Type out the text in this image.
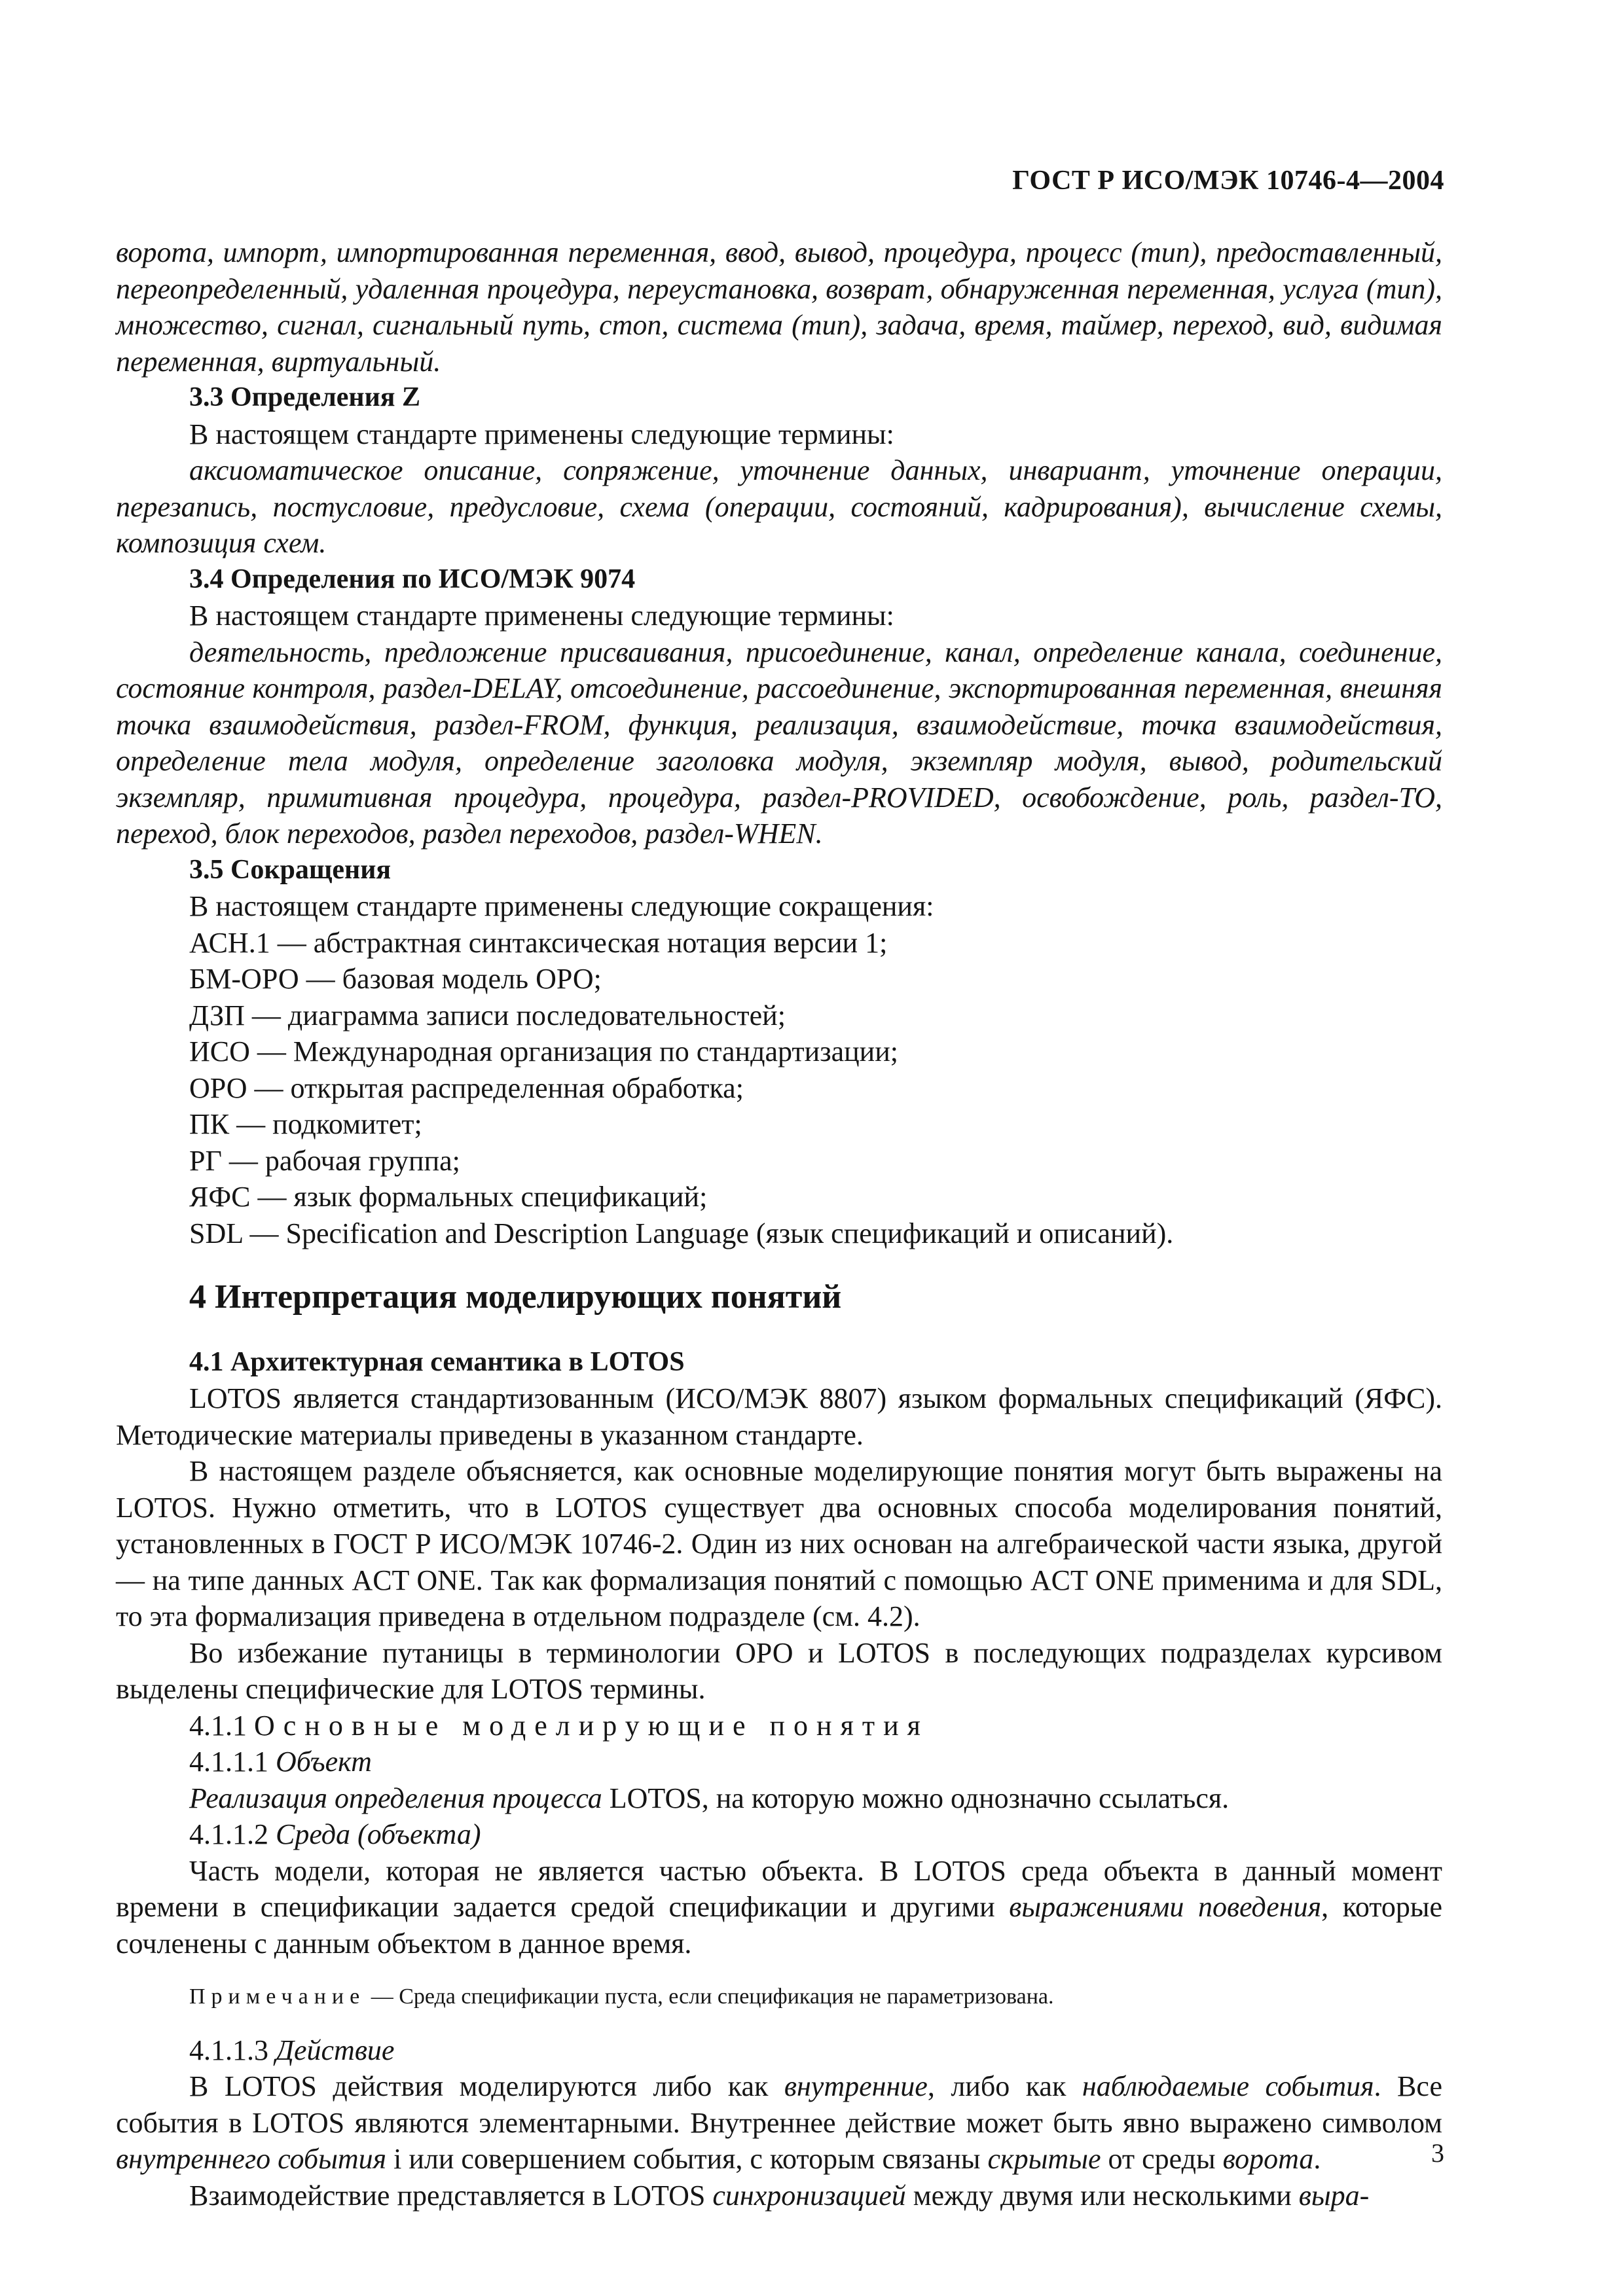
ГОСТ Р ИСО/МЭК 10746-4—2004

ворота, импорт, импортированная переменная, ввод, вывод, процедура, процесс (тип), предоставленный, переопределенный, удаленная процедура, переустановка, возврат, обнаруженная переменная, услуга (тип), множество, сигнал, сигнальный путь, стоп, система (тип), задача, время, таймер, переход, вид, видимая переменная, виртуальный.

3.3 Определения Z

В настоящем стандарте применены следующие термины:

аксиоматическое описание, сопряжение, уточнение данных, инвариант, уточнение операции, перезапись, постусловие, предусловие, схема (операции, состояний, кадрирования), вычисление схемы, композиция схем.

3.4 Определения по ИСО/МЭК 9074

В настоящем стандарте применены следующие термины:

деятельность, предложение присваивания, присоединение, канал, определение канала, соединение, состояние контроля, раздел-DELAY, отсоединение, рассоединение, экспортированная переменная, внешняя точка взаимодействия, раздел-FROM, функция, реализация, взаимодействие, точка взаимодействия, определение тела модуля, определение заголовка модуля, экземпляр модуля, вывод, родительский экземпляр, примитивная процедура, процедура, раздел-PROVIDED, освобождение, роль, раздел-TO, переход, блок переходов, раздел переходов, раздел-WHEN.

3.5 Сокращения

В настоящем стандарте применены следующие сокращения:

АСН.1 — абстрактная синтаксическая нотация версии 1;

БМ-ОРО — базовая модель ОРО;

ДЗП — диаграмма записи последовательностей;

ИСО — Международная организация по стандартизации;

ОРО — открытая распределенная обработка;

ПК — подкомитет;

РГ — рабочая группа;

ЯФС — язык формальных спецификаций;

SDL — Specification and Description Language (язык спецификаций и описаний).

4 Интерпретация моделирующих понятий

4.1 Архитектурная семантика в LOTOS

LOTOS является стандартизованным (ИСО/МЭК 8807) языком формальных спецификаций (ЯФС). Методические материалы приведены в указанном стандарте.

В настоящем разделе объясняется, как основные моделирующие понятия могут быть выражены на LOTOS. Нужно отметить, что в LOTOS существует два основных способа моделирования понятий, установленных в ГОСТ Р ИСО/МЭК 10746-2. Один из них основан на алгебраической части языка, другой — на типе данных ACT ONE. Так как формализация понятий с помощью ACT ONE применима и для SDL, то эта формализация приведена в отдельном подразделе (см. 4.2).

Во избежание путаницы в терминологии ОРО и LOTOS в последующих подразделах курсивом выделены специфические для LOTOS термины.

4.1.1 Основные моделирующие понятия

4.1.1.1 Объект

Реализация определения процесса LOTOS, на которую можно однозначно ссылаться.

4.1.1.2 Среда (объекта)

Часть модели, которая не является частью объекта. В LOTOS среда объекта в данный момент времени в спецификации задается средой спецификации и другими выражениями поведения, которые сочленены с данным объектом в данное время.

Примечание — Среда спецификации пуста, если спецификация не параметризована.

4.1.1.3 Действие

В LOTOS действия моделируются либо как внутренние, либо как наблюдаемые события. Все события в LOTOS являются элементарными. Внутреннее действие может быть явно выражено символом внутреннего события i или совершением события, с которым связаны скрытые от среды ворота.

Взаимодействие представляется в LOTOS синхронизацией между двумя или несколькими выра-

3
